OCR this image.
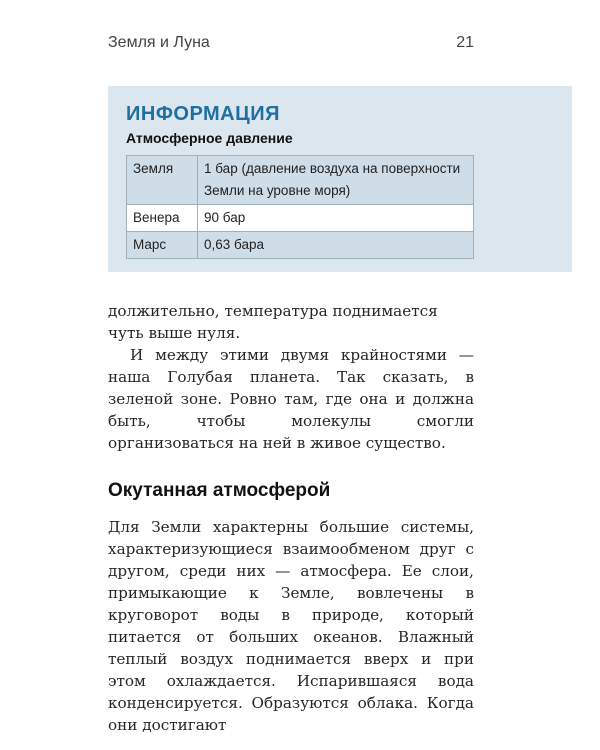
Земля и Луна	21
ИНФОРМАЦИЯ
Атмосферное давление
Земля	1 бар (давление воздуха на поверхности Земли на уровне моря)
Венера	90 бар
Марс	0,63 бара

должительно, температура поднимается чуть выше нуля.

И между этими двумя крайностями — наша Голубая планета. Так сказать, в зеленой зоне. Ровно там, где она и должна быть, чтобы молекулы смогли организоваться на ней в живое существо.

Окутанная атмосферой

Для Земли характерны большие системы, характеризующиеся взаимообменом друг с другом, среди них — атмосфера. Ее слои, примыкающие к Земле, вовлечены в круговорот воды в природе, который питается от больших океанов. Влажный теплый воздух поднимается вверх и при этом охлаждается. Испарившаяся вода конденсируется. Образуются облака. Когда они достигают
